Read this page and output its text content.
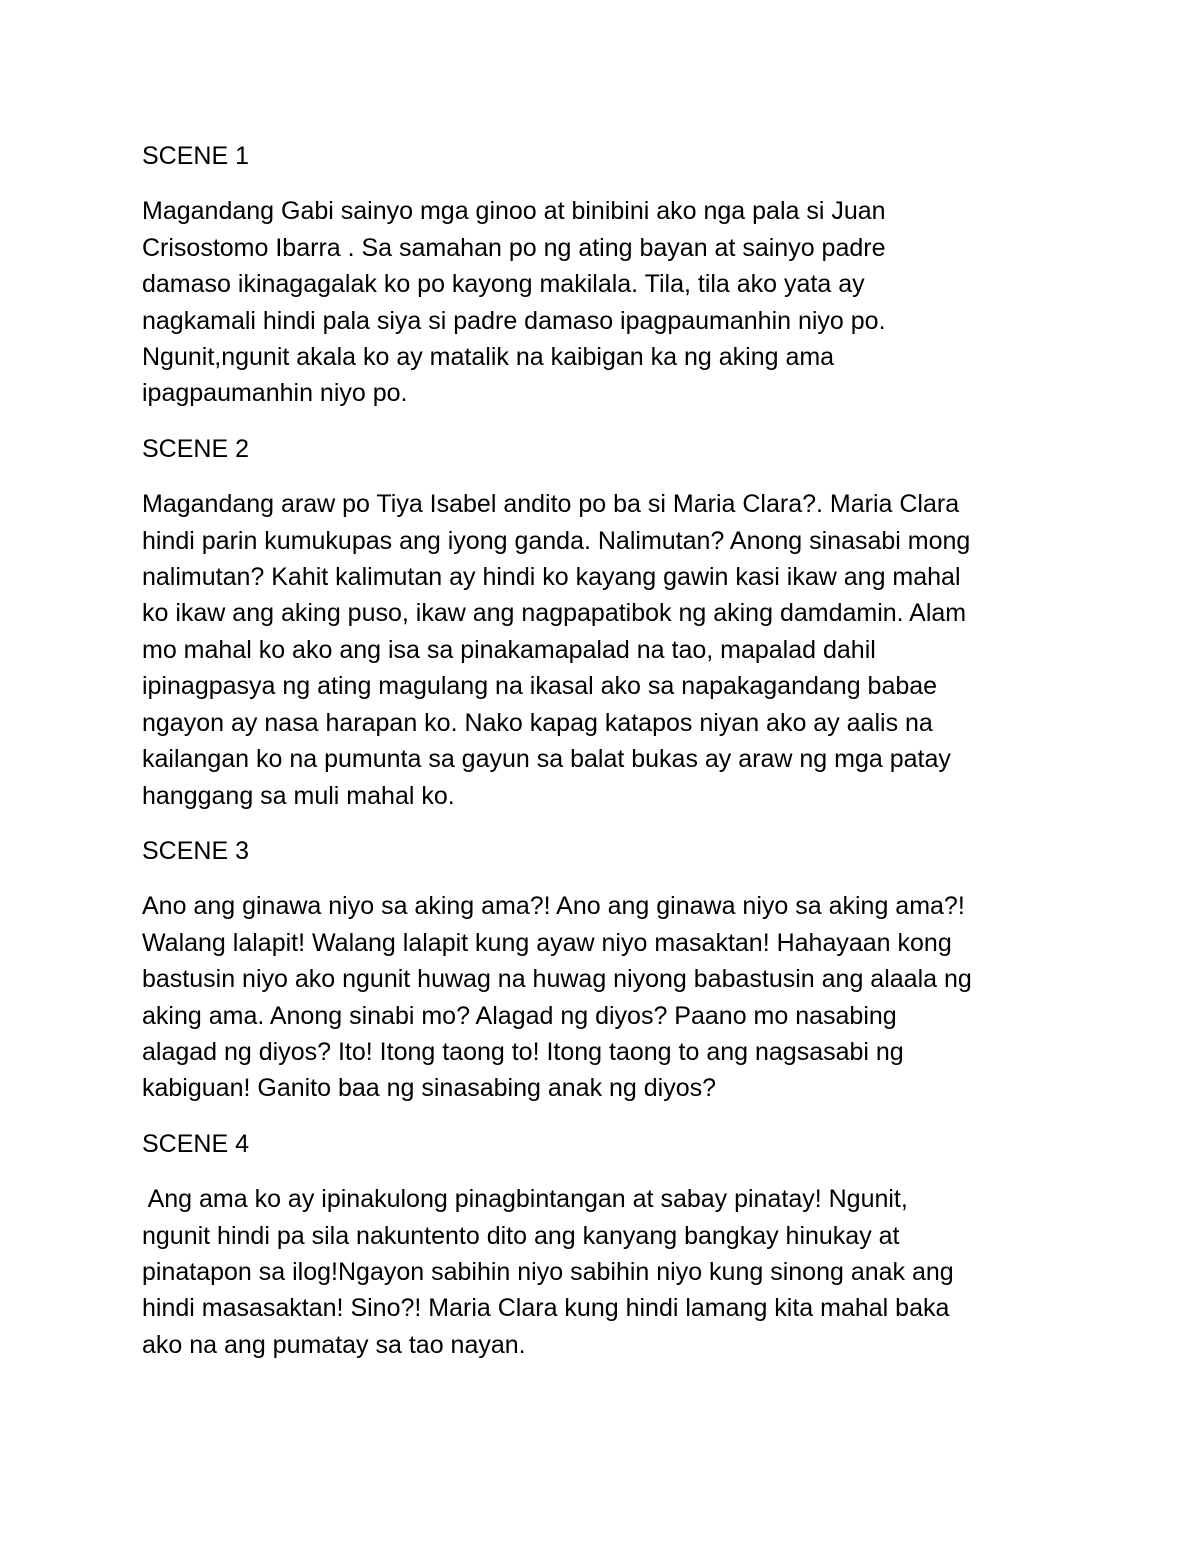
SCENE 1

Magandang Gabi sainyo mga ginoo at binibini ako nga pala si Juan
Crisostomo Ibarra . Sa samahan po ng ating bayan at sainyo padre
damaso ikinagagalak ko po kayong makilala. Tila, tila ako yata ay
nagkamali hindi pala siya si padre damaso ipagpaumanhin niyo po.
Ngunit,ngunit akala ko ay matalik na kaibigan ka ng aking ama
ipagpaumanhin niyo po.

SCENE 2

Magandang araw po Tiya Isabel andito po ba si Maria Clara?. Maria Clara
hindi parin kumukupas ang iyong ganda. Nalimutan? Anong sinasabi mong
nalimutan? Kahit kalimutan ay hindi ko kayang gawin kasi ikaw ang mahal
ko ikaw ang aking puso, ikaw ang nagpapatibok ng aking damdamin. Alam
mo mahal ko ako ang isa sa pinakamapalad na tao, mapalad dahil
ipinagpasya ng ating magulang na ikasal ako sa napakagandang babae
ngayon ay nasa harapan ko. Nako kapag katapos niyan ako ay aalis na
kailangan ko na pumunta sa gayun sa balat bukas ay araw ng mga patay
hanggang sa muli mahal ko.

SCENE 3

Ano ang ginawa niyo sa aking ama?! Ano ang ginawa niyo sa aking ama?!
Walang lalapit! Walang lalapit kung ayaw niyo masaktan! Hahayaan kong
bastusin niyo ako ngunit huwag na huwag niyong babastusin ang alaala ng
aking ama. Anong sinabi mo? Alagad ng diyos? Paano mo nasabing
alagad ng diyos? Ito! Itong taong to! Itong taong to ang nagsasabi ng
kabiguan! Ganito baa ng sinasabing anak ng diyos?

SCENE 4

Ang ama ko ay ipinakulong pinagbintangan at sabay pinatay! Ngunit,
ngunit hindi pa sila nakuntento dito ang kanyang bangkay hinukay at
pinatapon sa ilog!Ngayon sabihin niyo sabihin niyo kung sinong anak ang
hindi masasaktan! Sino?! Maria Clara kung hindi lamang kita mahal baka
ako na ang pumatay sa tao nayan.
